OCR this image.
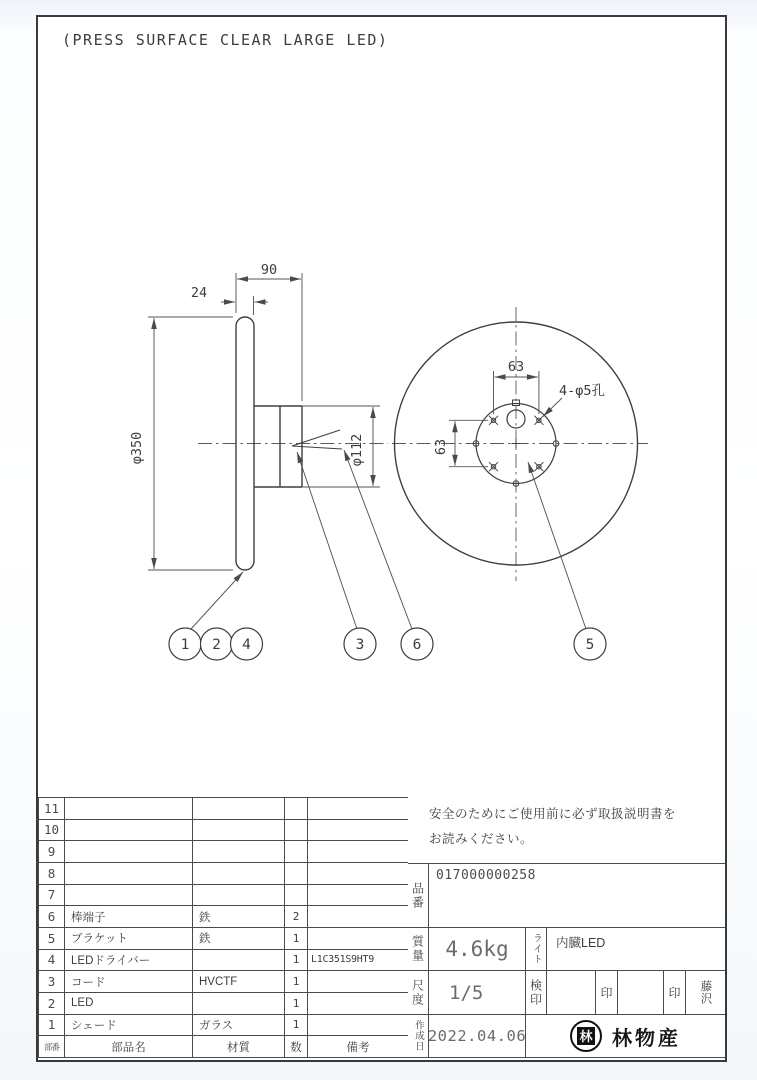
(PRESS SURFACE CLEAR LARGE LED)
90
24
φ350	φ112
63
63
4-φ5孔
1 2 4	3	6	5
11				
10				
9				
8				
7				
6	棒端子	鉄	2	
5	ブラケット	鉄	1	
4	LEDドライバー		1	L1C351S9HT9
3	コード	HVCTF	1	
2	LED		1	
1	シェード	ガラス	1	
部番	部品名	材質	数	備考
安全のためにご使用前に必ず取扱説明書を
お読みください。
品番
017000000258
質量 4.6kg	ライト	内臓LED
尺度	1/5	検印	印	印	藤沢
作成日 2022.04.06	林 林物産
